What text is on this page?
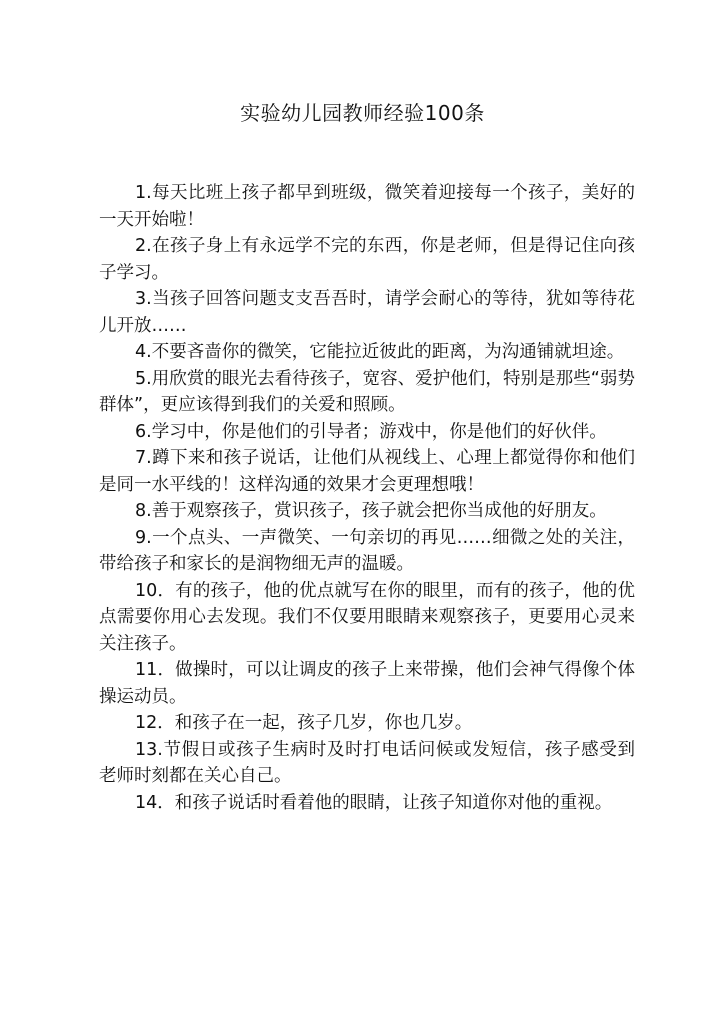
实验幼儿园教师经验100条

1.每天比班上孩子都早到班级，微笑着迎接每一个孩子，美好的一天开始啦！

2.在孩子身上有永远学不完的东西，你是老师，但是得记住向孩子学习。

3.当孩子回答问题支支吾吾时，请学会耐心的等待，犹如等待花儿开放……

4.不要吝啬你的微笑，它能拉近彼此的距离，为沟通铺就坦途。

5.用欣赏的眼光去看待孩子，宽容、爱护他们，特别是那些“弱势群体”，更应该得到我们的关爱和照顾。

6.学习中，你是他们的引导者；游戏中，你是他们的好伙伴。

7.蹲下来和孩子说话，让他们从视线上、心理上都觉得你和他们是同一水平线的！这样沟通的效果才会更理想哦！

8.善于观察孩子，赏识孩子，孩子就会把你当成他的好朋友。

9.一个点头、一声微笑、一句亲切的再见……细微之处的关注，带给孩子和家长的是润物细无声的温暖。

10．有的孩子，他的优点就写在你的眼里，而有的孩子，他的优点需要你用心去发现。我们不仅要用眼睛来观察孩子，更要用心灵来关注孩子。

11．做操时，可以让调皮的孩子上来带操，他们会神气得像个体操运动员。

12．和孩子在一起，孩子几岁，你也几岁。

13.节假日或孩子生病时及时打电话问候或发短信，孩子感受到老师时刻都在关心自己。

14．和孩子说话时看着他的眼睛，让孩子知道你对他的重视。
